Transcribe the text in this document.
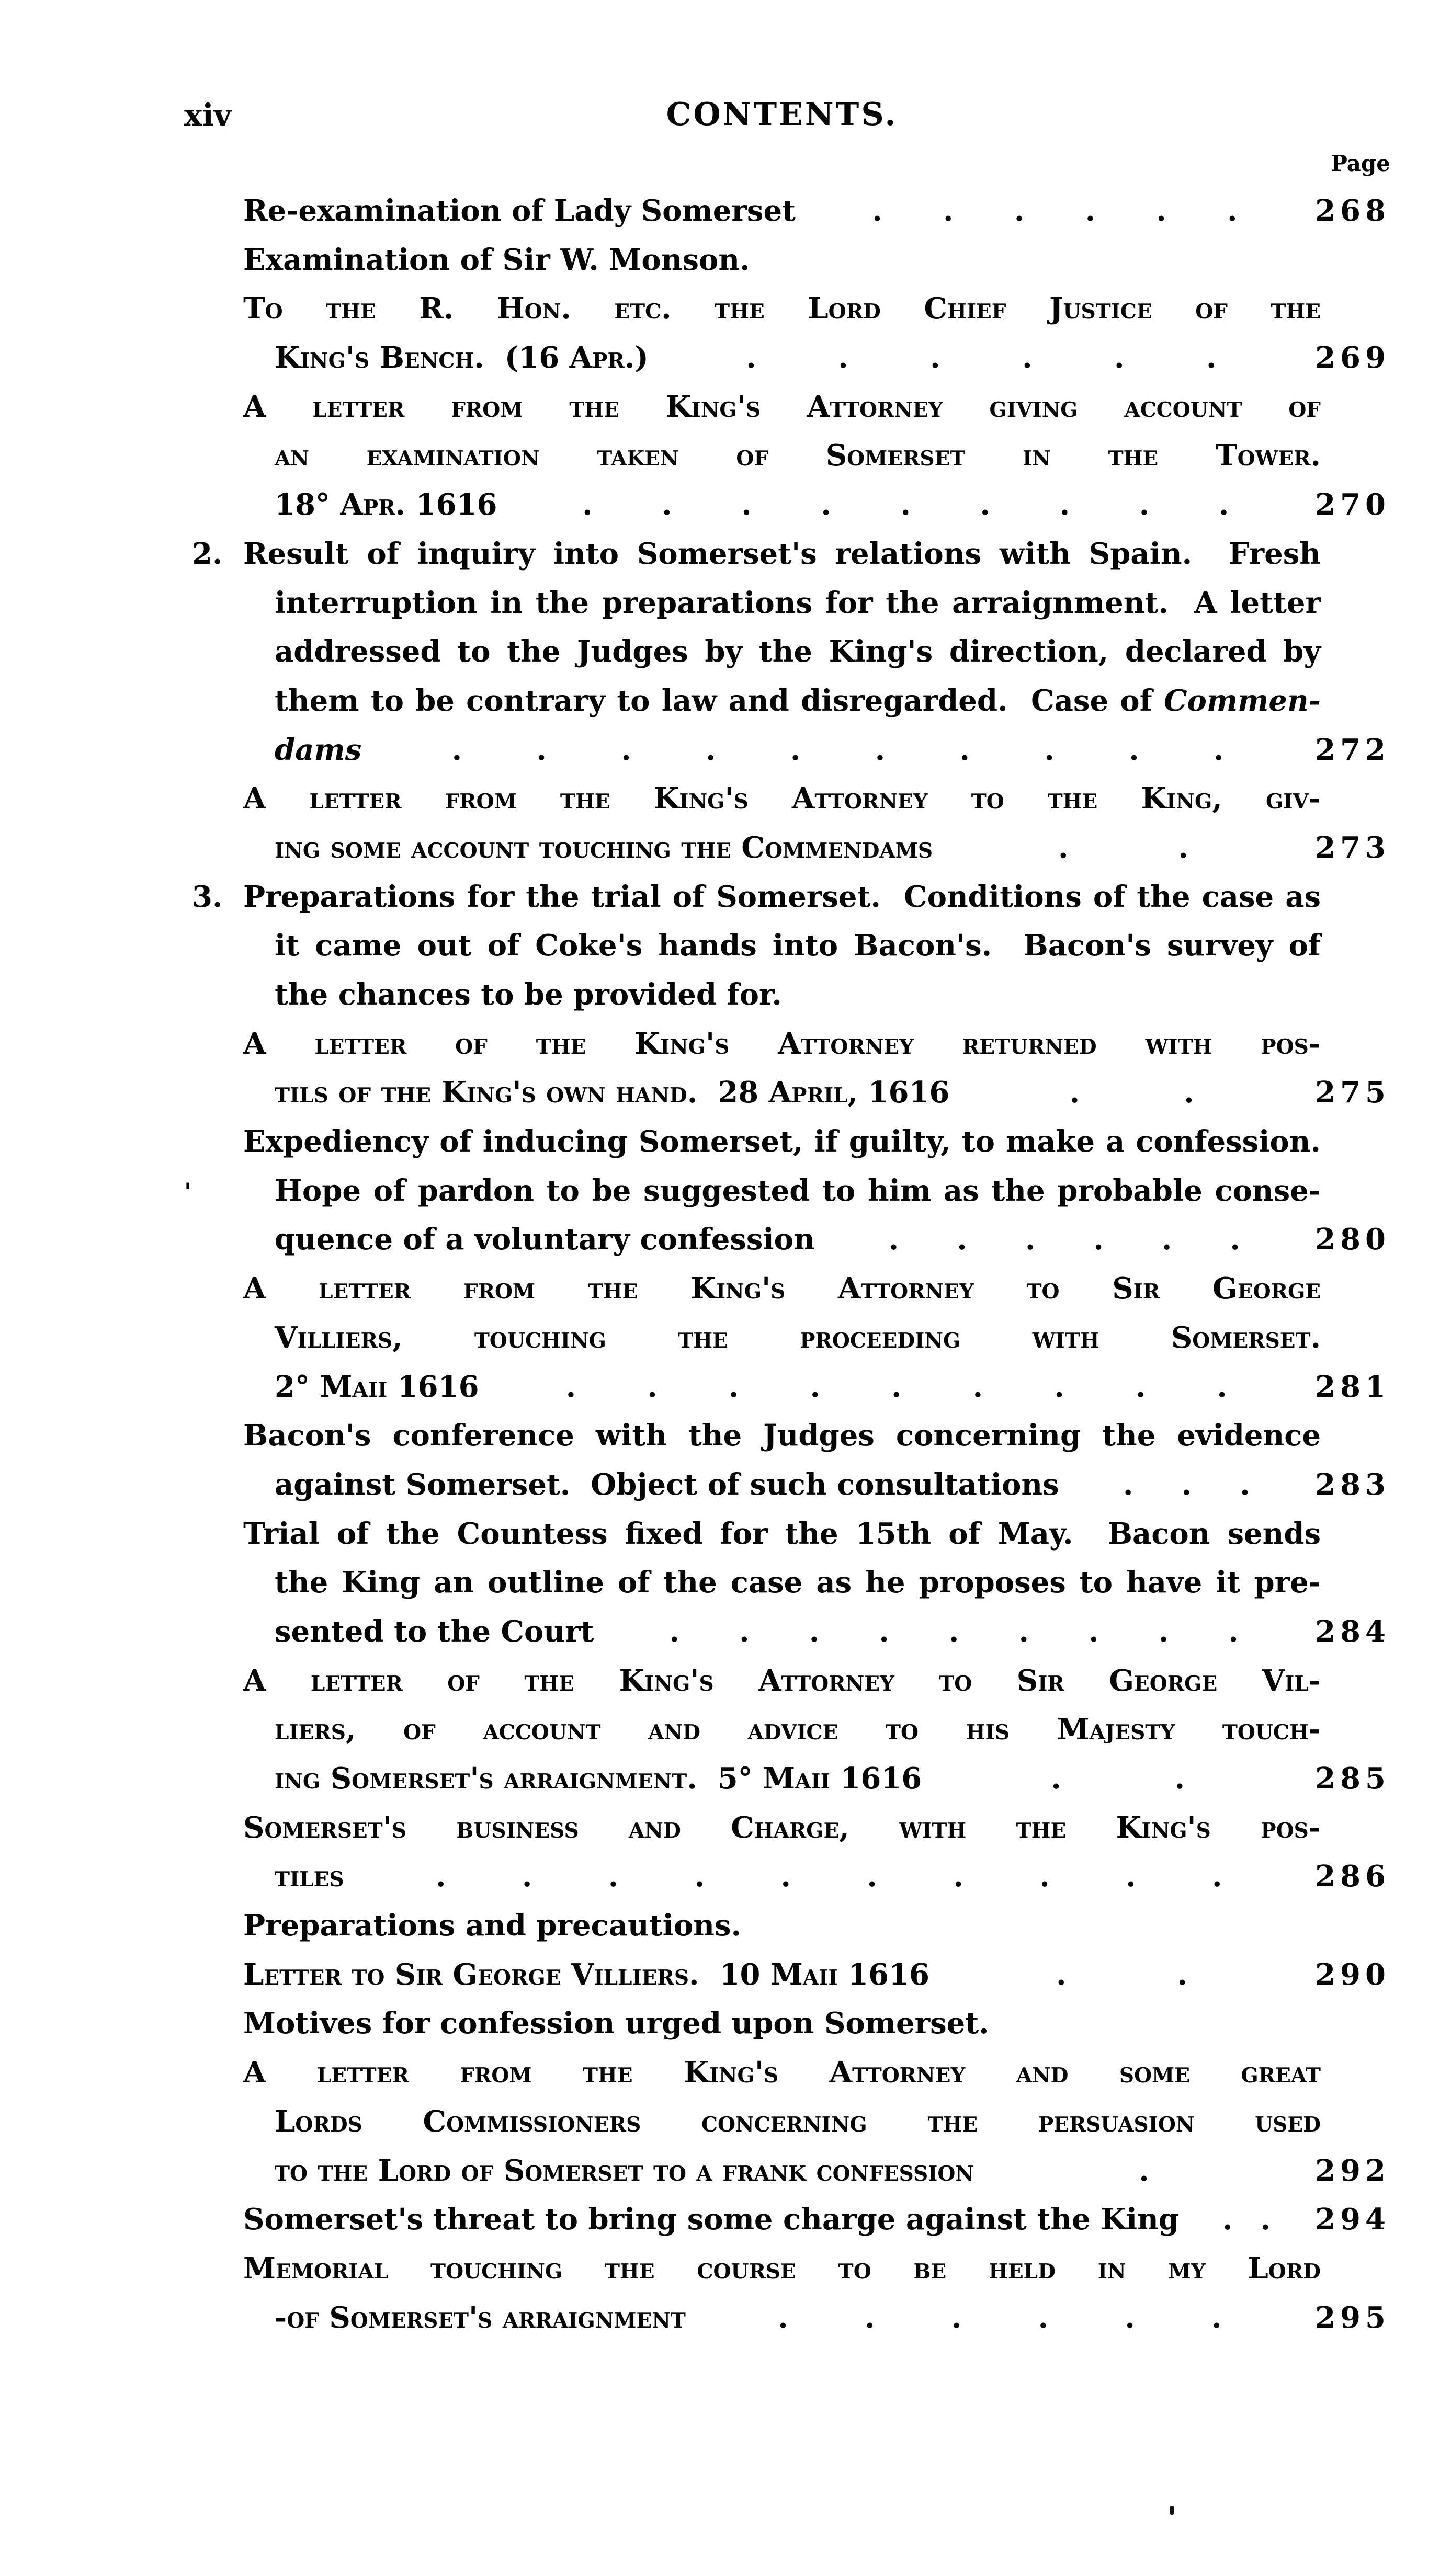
xiv	CONTENTS.
Page
Re-examination of Lady Somerset	. . . . . .	268
Examination of Sir W. Monson.
To the R. Hon. etc. the Lord Chief Justice of the
King's Bench.  (16 Apr.)	.	.	.	.	.	.	269
A letter from the King's Attorney giving account of
an examination taken of Somerset in the Tower.
18° Apr. 1616	. . . . . . . . .	270
2. Result of inquiry into Somerset's relations with Spain.  Fresh
interruption in the preparations for the arraignment.  A letter
addressed to the Judges by the King's direction, declared by
them to be contrary to law and disregarded.  Case of Commen-
dams	.	.	.	.	.	.	.	.	.	.	272
A letter from the King's Attorney to the King, giv-
ing some account touching the Commendams	.	.	273
3. Preparations for the trial of Somerset.  Conditions of the case as
it came out of Coke's hands into Bacon's.  Bacon's survey of
the chances to be provided for.
A letter of the King's Attorney returned with pos-
tils of the King's own hand.  28 April, 1616	.	.	275
Expediency of inducing Somerset, if guilty, to make a confession.
Hope of pardon to be suggested to him as the probable conse-
quence of a voluntary confession	. . . . . .	280
A letter from the King's Attorney to Sir George
Villiers, touching the proceeding with Somerset.
2° Maii 1616	. . . . . . . . .	281
Bacon's conference with the Judges concerning the evidence
against Somerset.  Object of such consultations . . . 283
Trial of the Countess fixed for the 15th of May.  Bacon sends
the King an outline of the case as he proposes to have it pre-
sented to the Court	. . . . . . . . .	284
A letter of the King's Attorney to Sir George Vil-
liers, of account and advice to his Majesty touch-
ing Somerset's arraignment.  5° Maii 1616	.	.	285
Somerset's business and Charge, with the King's pos-
tiles	.	.	.	.	.	.	.	.	.	.	286
Preparations and precautions.
Letter to Sir George Villiers.  10 Maii 1616	.	.	290
Motives for confession urged upon Somerset.
A letter from the King's Attorney and some great
Lords Commissioners concerning the persuasion used
to the Lord of Somerset to a frank confession	.	292
Somerset's threat to bring some charge against the King . . 294
Memorial touching the course to be held in my Lord
-of Somerset's arraignment	.	.	.	.	.	.	295
'
